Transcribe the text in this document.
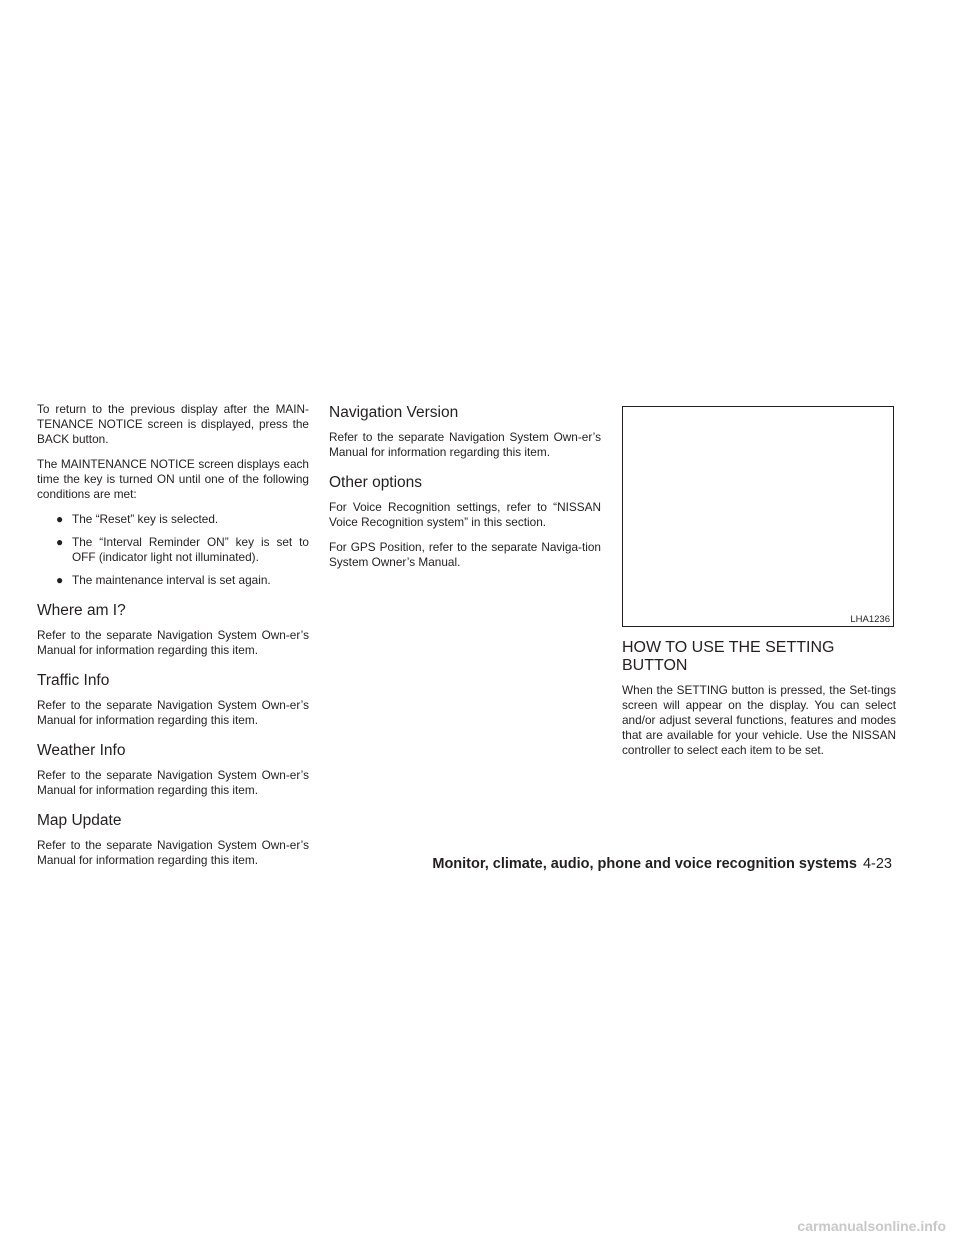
To return to the previous display after the MAIN-TENANCE NOTICE screen is displayed, press the BACK button.

The MAINTENANCE NOTICE screen displays each time the key is turned ON until one of the following conditions are met:

● The “Reset” key is selected.
● The “Interval Reminder ON” key is set to OFF (indicator light not illuminated).
● The maintenance interval is set again.
Where am I?

Refer to the separate Navigation System Own-er’s Manual for information regarding this item.

Traffic Info

Refer to the separate Navigation System Own-er’s Manual for information regarding this item.

Weather Info

Refer to the separate Navigation System Own-er’s Manual for information regarding this item.

Map Update

Refer to the separate Navigation System Own-er’s Manual for information regarding this item.

Navigation Version

Refer to the separate Navigation System Own-er’s Manual for information regarding this item.

Other options

For Voice Recognition settings, refer to “NISSAN Voice Recognition system” in this section.

For GPS Position, refer to the separate Naviga-tion System Owner’s Manual.

LHA1236
HOW TO USE THE SETTING
BUTTON

When the SETTING button is pressed, the Set-tings screen will appear on the display. You can select and/or adjust several functions, features and modes that are available for your vehicle. Use the NISSAN controller to select each item to be set.

Monitor, climate, audio, phone and voice recognition systems 4-23
carmanualsonline.info
